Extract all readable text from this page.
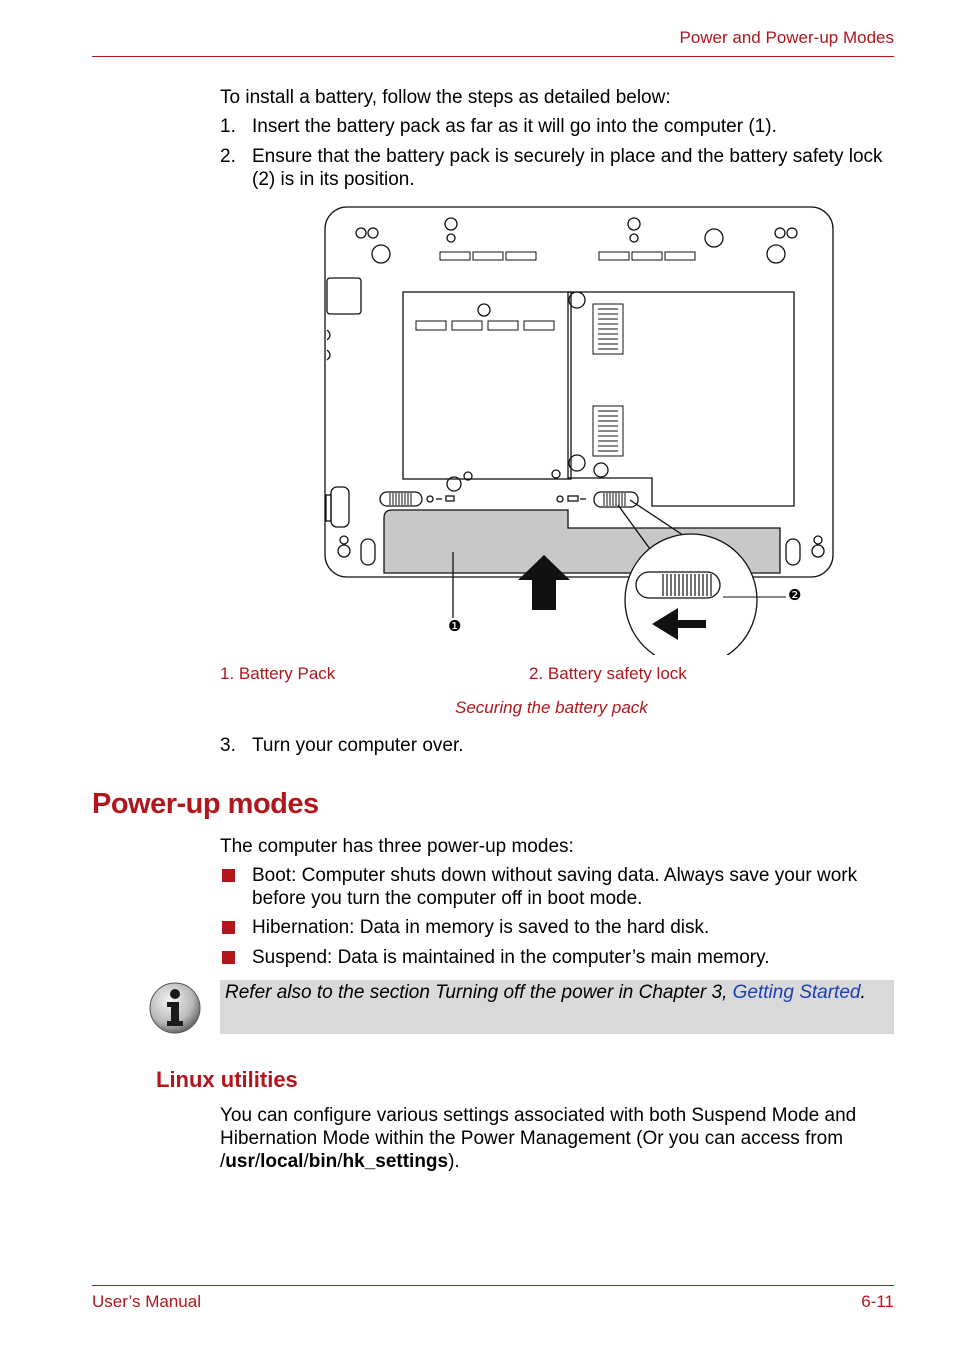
Power and Power-up Modes
To install a battery, follow the steps as detailed below:
1. Insert the battery pack as far as it will go into the computer (1).
2. Ensure that the battery pack is securely in place and the battery safety lock (2) is in its position.
❶
❷
1. Battery Pack	2. Battery safety lock
Securing the battery pack
3. Turn your computer over.
Power-up modes
The computer has three power-up modes:
Boot: Computer shuts down without saving data. Always save your work before you turn the computer off in boot mode.
Hibernation: Data in memory is saved to the hard disk.
Suspend: Data is maintained in the computer’s main memory.
Refer also to the section Turning off the power in Chapter 3, Getting Started.
Linux utilities
You can configure various settings associated with both Suspend Mode and Hibernation Mode within the Power Management (Or you can access from /usr/local/bin/hk_settings).
User’s Manual	6-11
